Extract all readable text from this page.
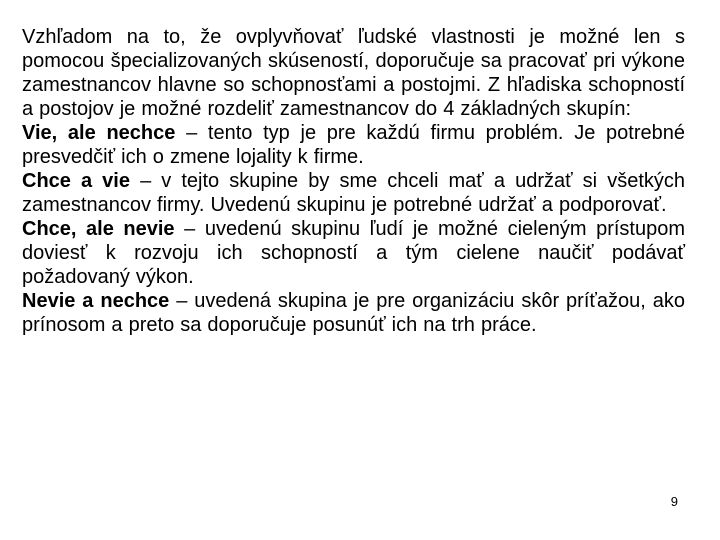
Vzhľadom na to, že ovplyvňovať ľudské vlastnosti je možné len s pomocou špecializovaných skúseností, doporučuje sa pracovať pri výkone zamestnancov hlavne so schopnosťami a postojmi. Z hľadiska schopností a postojov je možné rozdeliť zamestnancov do 4 základných skupín:

Vie, ale nechce – tento typ je pre každú firmu problém. Je potrebné presvedčiť ich o zmene lojality k firme.

Chce a vie – v tejto skupine by sme chceli mať a udržať si všetkých zamestnancov firmy. Uvedenú skupinu je potrebné udržať a podporovať.

Chce, ale nevie – uvedenú skupinu ľudí je možné cieleným prístupom doviesť k rozvoju ich schopností a tým cielene naučiť podávať požadovaný výkon.

Nevie a nechce – uvedená skupina je pre organizáciu skôr príťažou, ako prínosom a preto sa doporučuje posunúť ich na trh práce.

9
